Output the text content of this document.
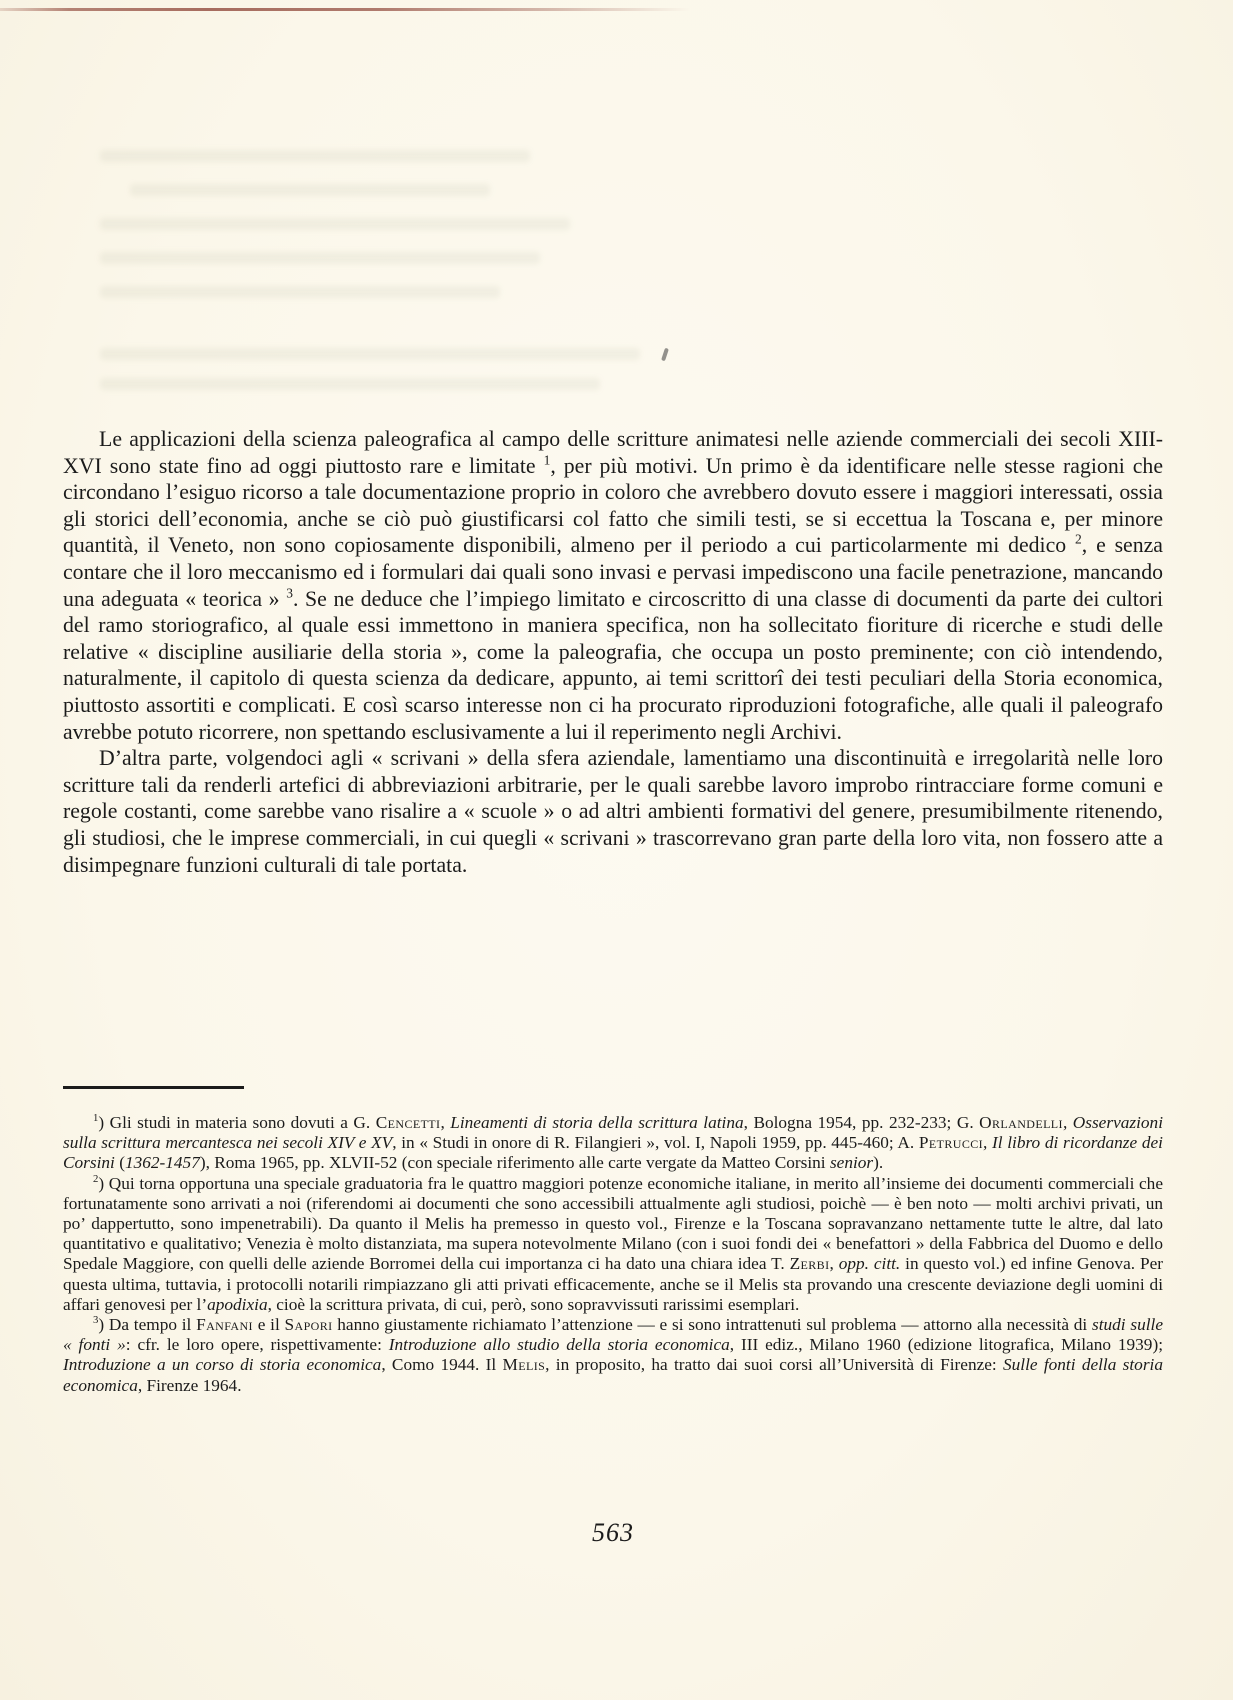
Le applicazioni della scienza paleografica al campo delle scritture animatesi nelle aziende commerciali dei secoli XIII-XVI sono state fino ad oggi piuttosto rare e limitate $^1$, per più motivi. Un primo è da identificare nelle stesse ragioni che circondano l’esiguo ricorso a tale documentazione proprio in coloro che avrebbero dovuto essere i maggiori interessati, ossia gli storici dell’economia, anche se ciò può giustificarsi col fatto che simili testi, se si eccettua la Toscana e, per minore quantità, il Veneto, non sono copiosamente disponibili, almeno per il periodo a cui particolarmente mi dedico $^2$, e senza contare che il loro meccanismo ed i formulari dai quali sono invasi e pervasi impediscono una facile penetrazione, mancando una adeguata « teorica » $^3$. Se ne deduce che l’impiego limitato e circoscritto di una classe di documenti da parte dei cultori del ramo storiografico, al quale essi immettono in maniera specifica, non ha sollecitato fioriture di ricerche e studi delle relative « discipline ausiliarie della storia », come la paleografia, che occupa un posto preminente; con ciò intendendo, naturalmente, il capitolo di questa scienza da dedicare, appunto, ai temi scrittorî dei testi peculiari della Storia economica, piuttosto assortiti e complicati. E così scarso interesse non ci ha procurato riproduzioni fotografiche, alle quali il paleografo avrebbe potuto ricorrere, non spettando esclusivamente a lui il reperimento negli Archivi.

D’altra parte, volgendoci agli « scrivani » della sfera aziendale, lamentiamo una discontinuità e irregolarità nelle loro scritture tali da renderli artefici di abbreviazioni arbitrarie, per le quali sarebbe lavoro improbo rintracciare forme comuni e regole costanti, come sarebbe vano risalire a « scuole » o ad altri ambienti formativi del genere, presumibilmente ritenendo, gli studiosi, che le imprese commerciali, in cui quegli « scrivani » trascorrevano gran parte della loro vita, non fossero atte a disimpegnare funzioni culturali di tale portata.

$^1$) Gli studi in materia sono dovuti a G. Cencetti, Lineamenti di storia della scrittura latina, Bologna 1954, pp. 232-233; G. Orlandelli, Osservazioni sulla scrittura mercantesca nei secoli XIV e XV, in « Studi in onore di R. Filangieri », vol. I, Napoli 1959, pp. 445-460; A. Petrucci, Il libro di ricordanze dei Corsini (1362-1457), Roma 1965, pp. XLVII-52 (con speciale riferimento alle carte vergate da Matteo Corsini senior).

$^2$) Qui torna opportuna una speciale graduatoria fra le quattro maggiori potenze economiche italiane, in merito all’insieme dei documenti commerciali che fortunatamente sono arrivati a noi (riferendomi ai documenti che sono accessibili attualmente agli studiosi, poichè — è ben noto — molti archivi privati, un po’ dappertutto, sono impenetrabili). Da quanto il Melis ha premesso in questo vol., Firenze e la Toscana sopravanzano nettamente tutte le altre, dal lato quantitativo e qualitativo; Venezia è molto distanziata, ma supera notevolmente Milano (con i suoi fondi dei « benefattori » della Fabbrica del Duomo e dello Spedale Maggiore, con quelli delle aziende Borromei della cui importanza ci ha dato una chiara idea T. Zerbi, opp. citt. in questo vol.) ed infine Genova. Per questa ultima, tuttavia, i protocolli notarili rimpiazzano gli atti privati efficacemente, anche se il Melis sta provando una crescente deviazione degli uomini di affari genovesi per l’apodixia, cioè la scrittura privata, di cui, però, sono sopravvissuti rarissimi esemplari.

$^3$) Da tempo il Fanfani e il Sapori hanno giustamente richiamato l’attenzione — e si sono intrattenuti sul problema — attorno alla necessità di studi sulle « fonti »: cfr. le loro opere, rispettivamente: Introduzione allo studio della storia economica, III ediz., Milano 1960 (edizione litografica, Milano 1939); Introduzione a un corso di storia economica, Como 1944. Il Melis, in proposito, ha tratto dai suoi corsi all’Università di Firenze: Sulle fonti della storia economica, Firenze 1964.

563
